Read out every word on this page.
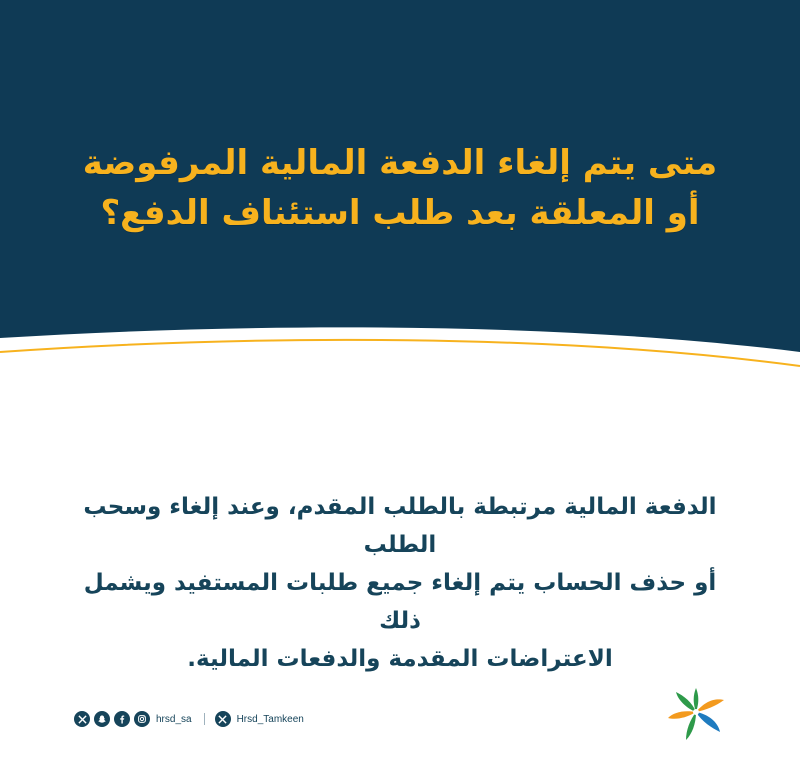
متى يتم إلغاء الدفعة المالية المرفوضة
أو المعلقة بعد طلب استئناف الدفع؟
الدفعة المالية مرتبطة بالطلب المقدم، وعند إلغاء وسحب الطلب
أو حذف الحساب يتم إلغاء جميع طلبات المستفيد ويشمل ذلك
الاعتراضات المقدمة والدفعات المالية.
hrsd_sa	Hrsd_Tamkeen
